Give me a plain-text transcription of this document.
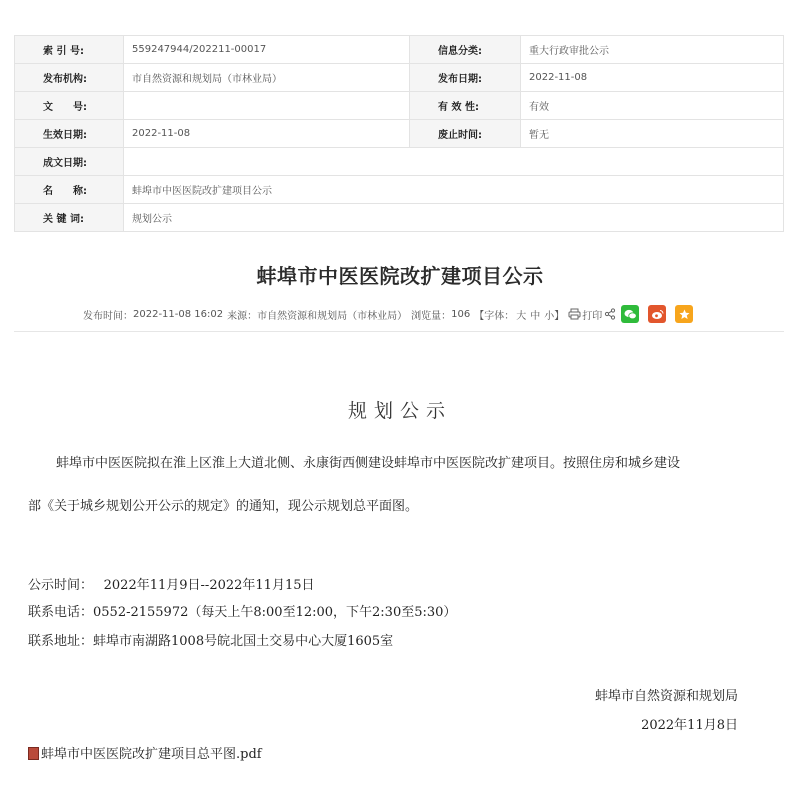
索 引 号:	559247944/202211-00017	信息分类:	重大行政审批公示
发布机构:	市自然资源和规划局（市林业局）	发布日期:	2022-11-08
文　　号:		有 效 性:	有效
生效日期:	2022-11-08	废止时间:	暂无
成文日期:			
名　　称:	蚌埠市中医医院改扩建项目公示		
关 键 词:	规划公示		
蚌埠市中医医院改扩建项目公示
发布时间： 2022-11-08 16:02 来源： 市自然资源和规划局（市林业局） 浏览量： 106 【字体： 大 中 小】 打印
规划公示
蚌埠市中医医院拟在淮上区淮上大道北侧、永康街西侧建设蚌埠市中医医院改扩建项目。按照住房和城乡建设
部《关于城乡规划公开公示的规定》的通知，现公示规划总平面图。
公示时间：　 2022年11月9日--2022年11月15日
联系电话：0552-2155972（每天上午8:00至12:00，下午2:30至5:30）
联系地址：蚌埠市南湖路1008号皖北国土交易中心大厦1605室
蚌埠市自然资源和规划局
2022年11月8日
蚌埠市中医医院改扩建项目总平图.pdf
